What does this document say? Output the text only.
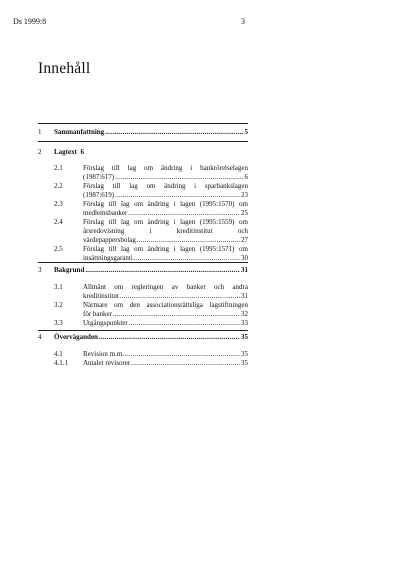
Ds 1999:8	3
Innehåll
1 Sammanfattning .....	5
2 Lagtext 6
2.1	Förslag till lag om ändring i bankrörelselagen
(1987:617) .....	6
2.2	Förslag till lag om ändring i sparbankslagen
(1987:619) .....	23
2.3	Förslag till lag om ändring i lagen (1995:1570) om
medlemsbanker .....	25
2.4	Förslag till lag om ändring i lagen (1995:1559) om
årsredovisning	i	kreditinstitut	och
värdepappersbolag .....	27
2.5	Förslag till lag om ändring i lagen (1995:1571) om
insättningsgaranti .....	30
3 Bakgrund .....	31
3.1	Allmänt om regleringen av banker och andra
kreditinstitut .....	31
3.2	Närmare om den associationsrättsliga lagstiftningen
för banker .....	32
3.3	Utgångspunkter .....	33
4 Överväganden .....	35
4.1	Revision m.m. .....	35
4.1.1 Antalet revisorer .....	35
